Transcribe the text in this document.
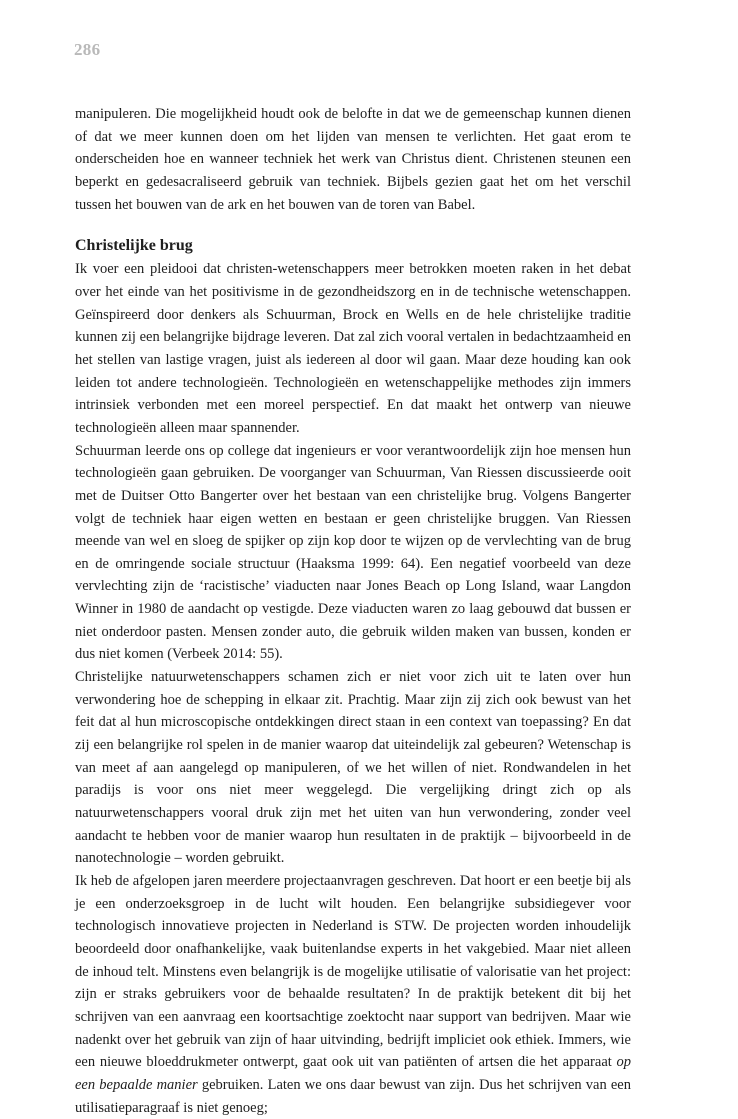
286

manipuleren. Die mogelijkheid houdt ook de belofte in dat we de gemeenschap kunnen dienen of dat we meer kunnen doen om het lijden van mensen te verlichten. Het gaat erom te onderscheiden hoe en wanneer techniek het werk van Christus dient. Christenen steunen een beperkt en gedesacraliseerd gebruik van techniek. Bijbels gezien gaat het om het verschil tussen het bouwen van de ark en het bouwen van de toren van Babel.

Christelijke brug

Ik voer een pleidooi dat christen-wetenschappers meer betrokken moeten raken in het debat over het einde van het positivisme in de gezondheidszorg en in de technische wetenschappen. Geïnspireerd door denkers als Schuurman, Brock en Wells en de hele christelijke traditie kunnen zij een belangrijke bijdrage leveren. Dat zal zich vooral vertalen in bedachtzaamheid en het stellen van lastige vragen, juist als iedereen al door wil gaan. Maar deze houding kan ook leiden tot andere technologieën. Technologieën en wetenschappelijke methodes zijn immers intrinsiek verbonden met een moreel perspectief. En dat maakt het ontwerp van nieuwe technologieën alleen maar spannender.

Schuurman leerde ons op college dat ingenieurs er voor verantwoordelijk zijn hoe mensen hun technologieën gaan gebruiken. De voorganger van Schuurman, Van Riessen discussieerde ooit met de Duitser Otto Bangerter over het bestaan van een christelijke brug. Volgens Bangerter volgt de techniek haar eigen wetten en bestaan er geen christelijke bruggen. Van Riessen meende van wel en sloeg de spijker op zijn kop door te wijzen op de vervlechting van de brug en de omringende sociale structuur (Haaksma 1999: 64). Een negatief voorbeeld van deze vervlechting zijn de ‘racistische’ viaducten naar Jones Beach op Long Island, waar Langdon Winner in 1980 de aandacht op vestigde. Deze viaducten waren zo laag gebouwd dat bussen er niet onderdoor pasten. Mensen zonder auto, die gebruik wilden maken van bussen, konden er dus niet komen (Verbeek 2014: 55).

Christelijke natuurwetenschappers schamen zich er niet voor zich uit te laten over hun verwondering hoe de schepping in elkaar zit. Prachtig. Maar zijn zij zich ook bewust van het feit dat al hun microscopische ontdekkingen direct staan in een context van toepassing? En dat zij een belangrijke rol spelen in de manier waarop dat uiteindelijk zal gebeuren? Wetenschap is van meet af aan aangelegd op manipuleren, of we het willen of niet. Rondwandelen in het paradijs is voor ons niet meer weggelegd. Die vergelijking dringt zich op als natuurwetenschappers vooral druk zijn met het uiten van hun verwondering, zonder veel aandacht te hebben voor de manier waarop hun resultaten in de praktijk – bijvoorbeeld in de nanotechnologie – worden gebruikt.

Ik heb de afgelopen jaren meerdere projectaanvragen geschreven. Dat hoort er een beetje bij als je een onderzoeksgroep in de lucht wilt houden. Een belangrijke subsidiegever voor technologisch innovatieve projecten in Nederland is STW. De projecten worden inhoudelijk beoordeeld door onafhankelijke, vaak buitenlandse experts in het vakgebied. Maar niet alleen de inhoud telt. Minstens even belangrijk is de mogelijke utilisatie of valorisatie van het project: zijn er straks gebruikers voor de behaalde resultaten? In de praktijk betekent dit bij het schrijven van een aanvraag een koortsachtige zoektocht naar support van bedrijven. Maar wie nadenkt over het gebruik van zijn of haar uitvinding, bedrijft impliciet ook ethiek. Immers, wie een nieuwe bloeddrukmeter ontwerpt, gaat ook uit van patiënten of artsen die het apparaat op een bepaalde manier gebruiken. Laten we ons daar bewust van zijn. Dus het schrijven van een utilisatieparagraaf is niet genoeg;
